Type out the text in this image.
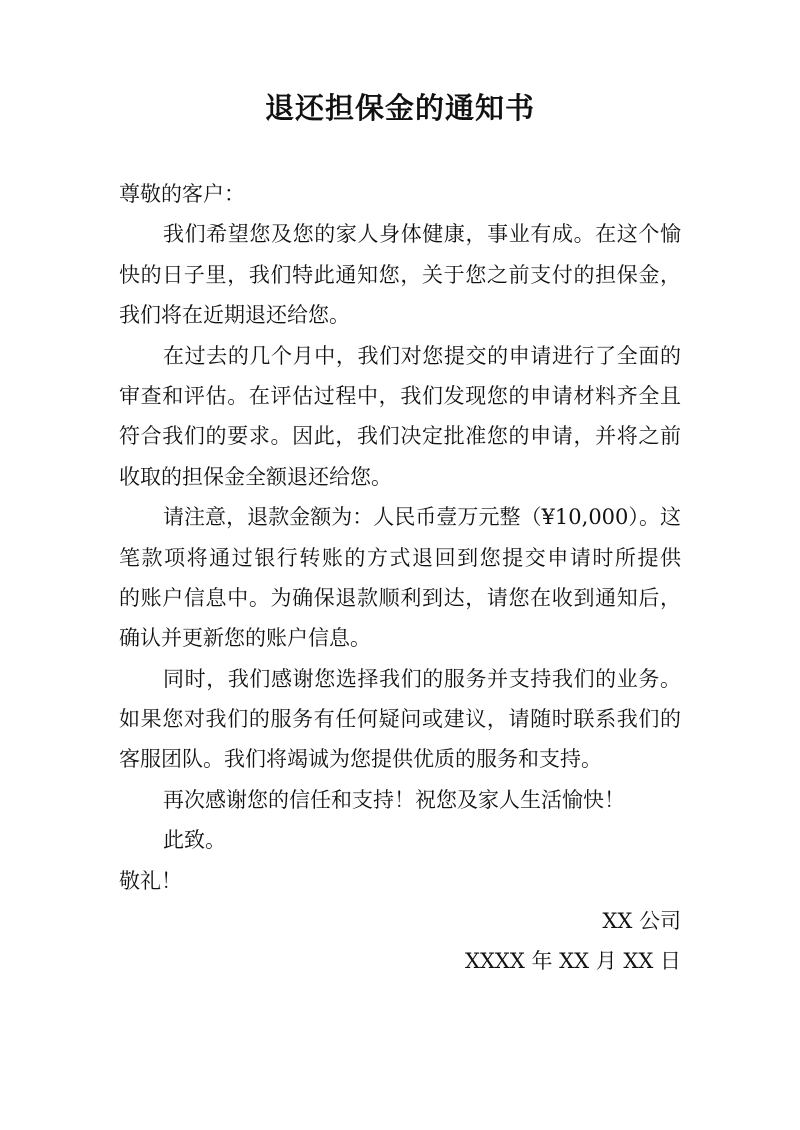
退还担保金的通知书
尊敬的客户：
我们希望您及您的家人身体健康，事业有成。在这个愉
快的日子里，我们特此通知您，关于您之前支付的担保金，
我们将在近期退还给您。
在过去的几个月中，我们对您提交的申请进行了全面的
审查和评估。在评估过程中，我们发现您的申请材料齐全且
符合我们的要求。因此，我们决定批准您的申请，并将之前
收取的担保金全额退还给您。
请注意，退款金额为：人民币壹万元整（¥10,000）。这
笔款项将通过银行转账的方式退回到您提交申请时所提供
的账户信息中。为确保退款顺利到达，请您在收到通知后，
确认并更新您的账户信息。
同时，我们感谢您选择我们的服务并支持我们的业务。
如果您对我们的服务有任何疑问或建议，请随时联系我们的
客服团队。我们将竭诚为您提供优质的服务和支持。
再次感谢您的信任和支持！祝您及家人生活愉快！
此致。
敬礼！
XX 公司
XXXX 年 XX 月 XX 日
